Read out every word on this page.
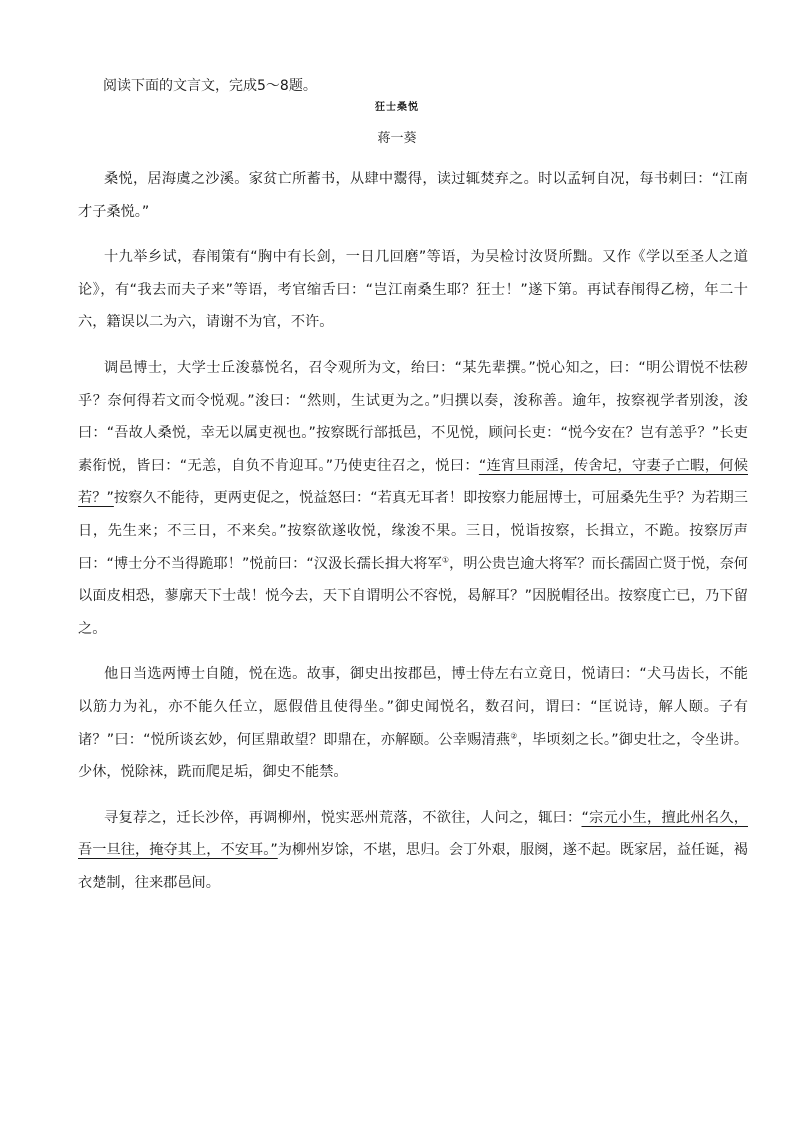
阅读下面的文言文，完成5～8题。
狂士桑悦
蒋一葵

桑悦，居海虞之沙溪。家贫亡所蓄书，从肆中鬻得，读过辄焚弃之。时以孟轲自况，每书刺曰：“江南才子桑悦。”

十九举乡试，春闱策有“胸中有长剑，一日几回磨”等语，为吴检讨汝贤所黜。又作《学以至圣人之道论》，有“我去而夫子来”等语，考官缩舌曰：“岂江南桑生耶？狂士！”遂下第。再试春闱得乙榜，年二十六，籍误以二为六，请谢不为官，不许。

调邑博士，大学士丘浚慕悦名，召令观所为文，绐曰：“某先辈撰。”悦心知之，曰：“明公谓悦不怯秽乎？奈何得若文而令悦观。”浚曰：“然则，生试更为之。”归撰以奏，浚称善。逾年，按察视学者别浚，浚曰：“吾故人桑悦，幸无以属吏视也。”按察既行部抵邑，不见悦，顾问长吏：“悦今安在？岂有恙乎？”长吏素衔悦，皆曰：“无恙，自负不肯迎耳。”乃使吏往召之，悦曰：“连宵旦雨淫，传舍圮，守妻子亡暇，何候若？”按察久不能待，更两吏促之，悦益怒曰：“若真无耳者！即按察力能屈博士，可屈桑先生乎？为若期三日，先生来；不三日，不来矣。”按察欲遂收悦，缘浚不果。三日，悦诣按察，长揖立，不跪。按察厉声曰：“博士分不当得跪耶！”悦前曰：“汉汲长孺长揖大将军①，明公贵岂逾大将军？而长孺固亡贤于悦，奈何以面皮相恐，蓼廓天下士哉！悦今去，天下自谓明公不容悦，曷解耳？”因脱帽径出。按察度亡已，乃下留之。

他日当选两博士自随，悦在选。故事，御史出按郡邑，博士侍左右立竟日，悦请曰：“犬马齿长，不能以筋力为礼，亦不能久任立，愿假借且使得坐。”御史闻悦名，数召问，谓曰：“匡说诗，解人颐。子有诸？”曰：“悦所谈玄妙，何匡鼎敢望？即鼎在，亦解颐。公幸赐清燕②，毕顷刻之长。”御史壮之，令坐讲。少休，悦除袜，跣而爬足垢，御史不能禁。

寻复荐之，迁长沙倅，再调柳州，悦实恶州荒落，不欲往，人问之，辄曰：“宗元小生，擅此州名久，吾一旦往，掩夺其上，不安耳。”为柳州岁馀，不堪，思归。会丁外艰，服阕，遂不起。既家居，益任诞，褐衣楚制，往来郡邑间。
